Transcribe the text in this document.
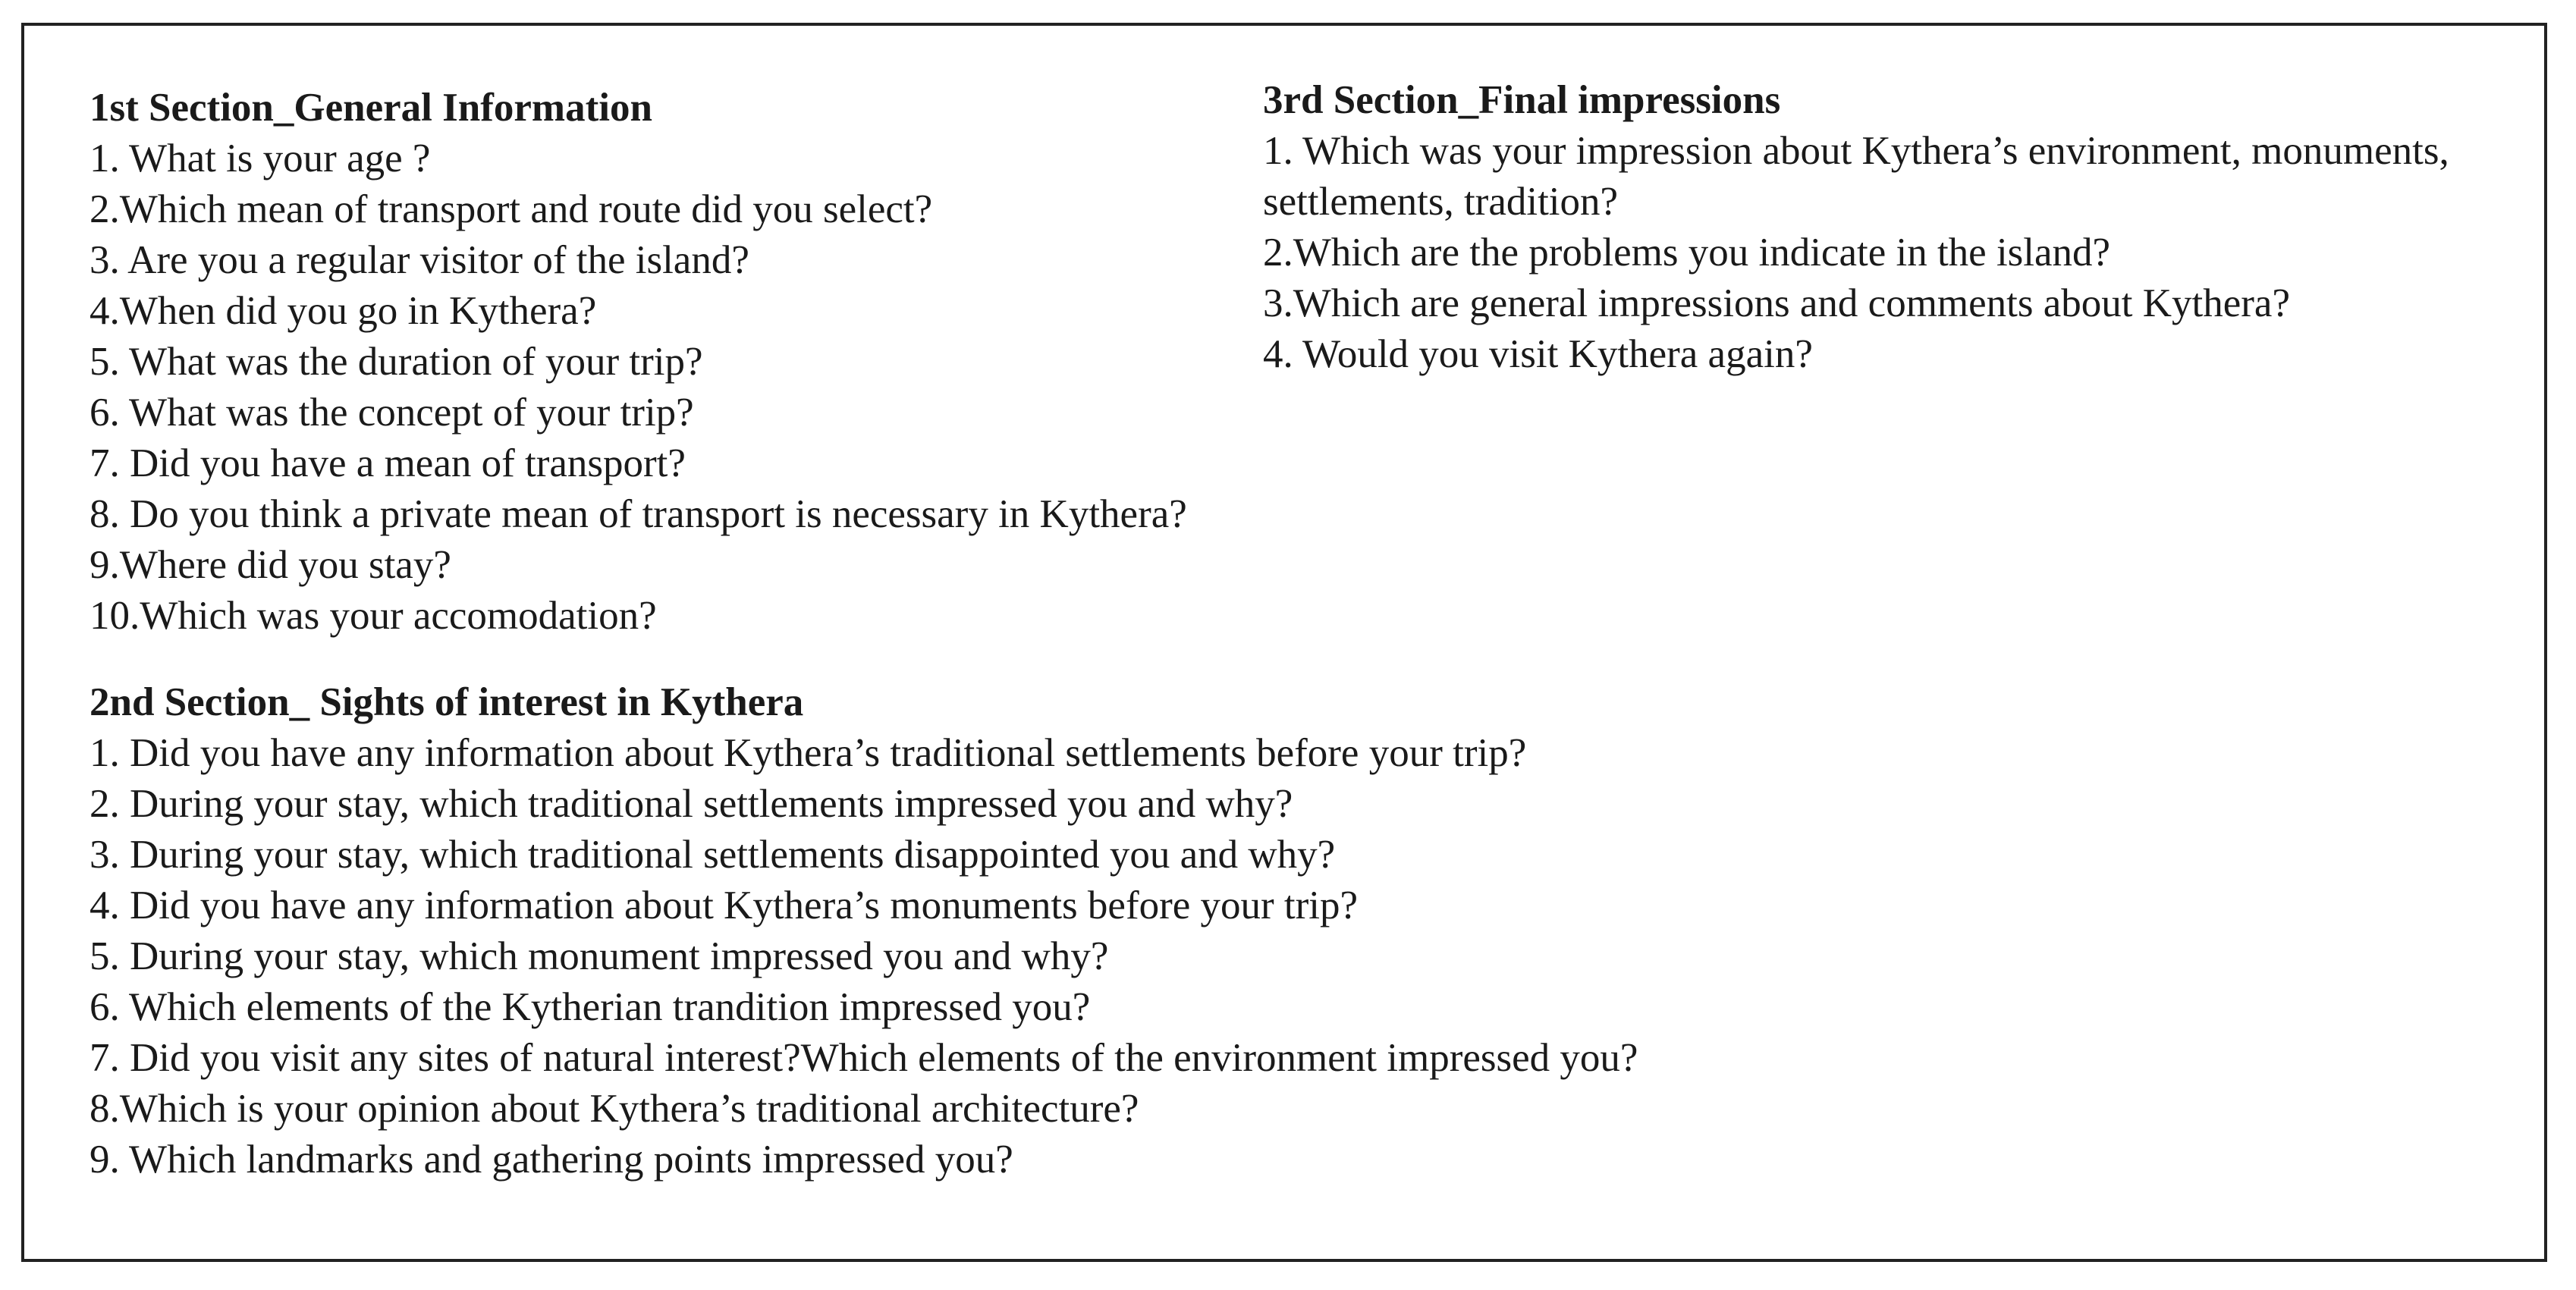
1st Section_General Information
1. What is your age ?
2.Which mean of transport and route did you select?
3. Are you a regular visitor of the island?
4.When did you go in Kythera?
5. What was the duration of your trip?
6. What was the concept of your trip?
7. Did you have a mean of transport?
8. Do you think a private mean of transport is necessary in Kythera?
9.Where did you stay?
10.Which was your accomodation?
2nd Section_ Sights of interest in Kythera
1. Did you have any information about Kythera’s traditional settlements before your trip?
2. During your stay, which traditional settlements impressed you and why?
3. During your stay, which traditional settlements disappointed you and why?
4. Did you have any information about Kythera’s monuments before your trip?
5. During your stay, which monument impressed you and why?
6. Which elements of the Kytherian trandition impressed you?
7. Did you visit any sites of natural interest?Which elements of the environment impressed you?
8.Which is your opinion about Kythera’s traditional architecture?
9. Which landmarks and gathering points impressed you?
3rd Section_Final impressions
1. Which was your impression about Kythera’s environment, monuments, settlements, tradition?
2.Which are the problems you indicate in the island?
3.Which are general impressions and comments about Kythera?
4. Would you visit Kythera again?
